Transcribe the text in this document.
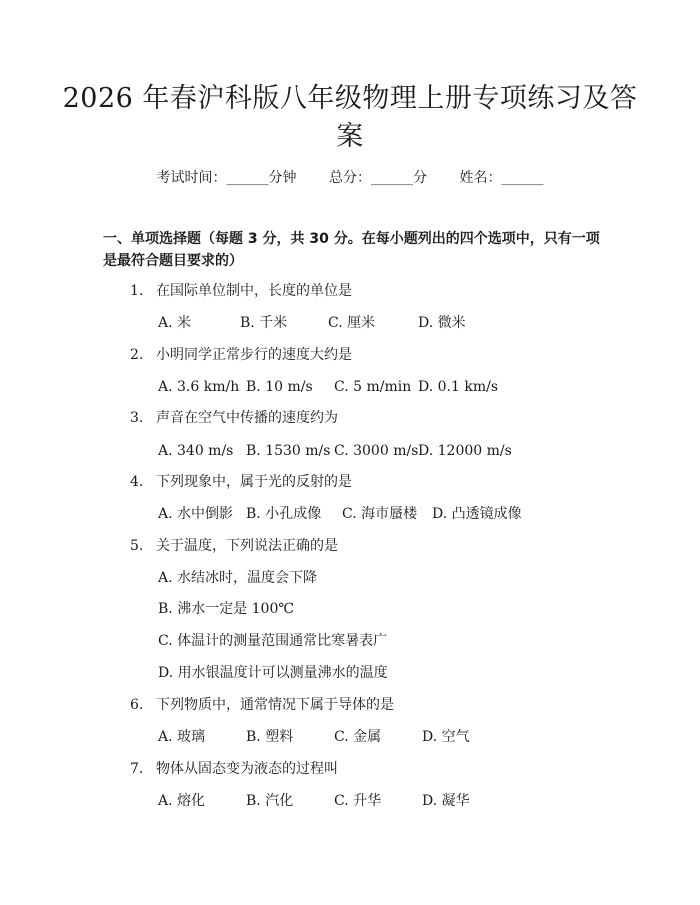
2026 年春沪科版八年级物理上册专项练习及答案
考试时间：______分钟 总分：______分 姓名：______
一、单项选择题（每题 3 分，共 30 分。在每小题列出的四个选项中，只有一项是最符合题目要求的）
1. 在国际单位制中，长度的单位是
A. 米	B. 千米	C. 厘米	D. 微米
2. 小明同学正常步行的速度大约是
A. 3.6 km/h B. 10 m/s C. 5 m/min D. 0.1 km/s
3. 声音在空气中传播的速度约为
A. 340 m/s B. 1530 m/s C. 3000 m/s D. 12000 m/s
4. 下列现象中，属于光的反射的是
A. 水中倒影 B. 小孔成像 C. 海市蜃楼 D. 凸透镜成像
5. 关于温度，下列说法正确的是
A. 水结冰时，温度会下降
B. 沸水一定是 100℃
C. 体温计的测量范围通常比寒暑表广
D. 用水银温度计可以测量沸水的温度
6. 下列物质中，通常情况下属于导体的是
A. 玻璃	B. 塑料	C. 金属	D. 空气
7. 物体从固态变为液态的过程叫
A. 熔化	B. 汽化	C. 升华	D. 凝华
